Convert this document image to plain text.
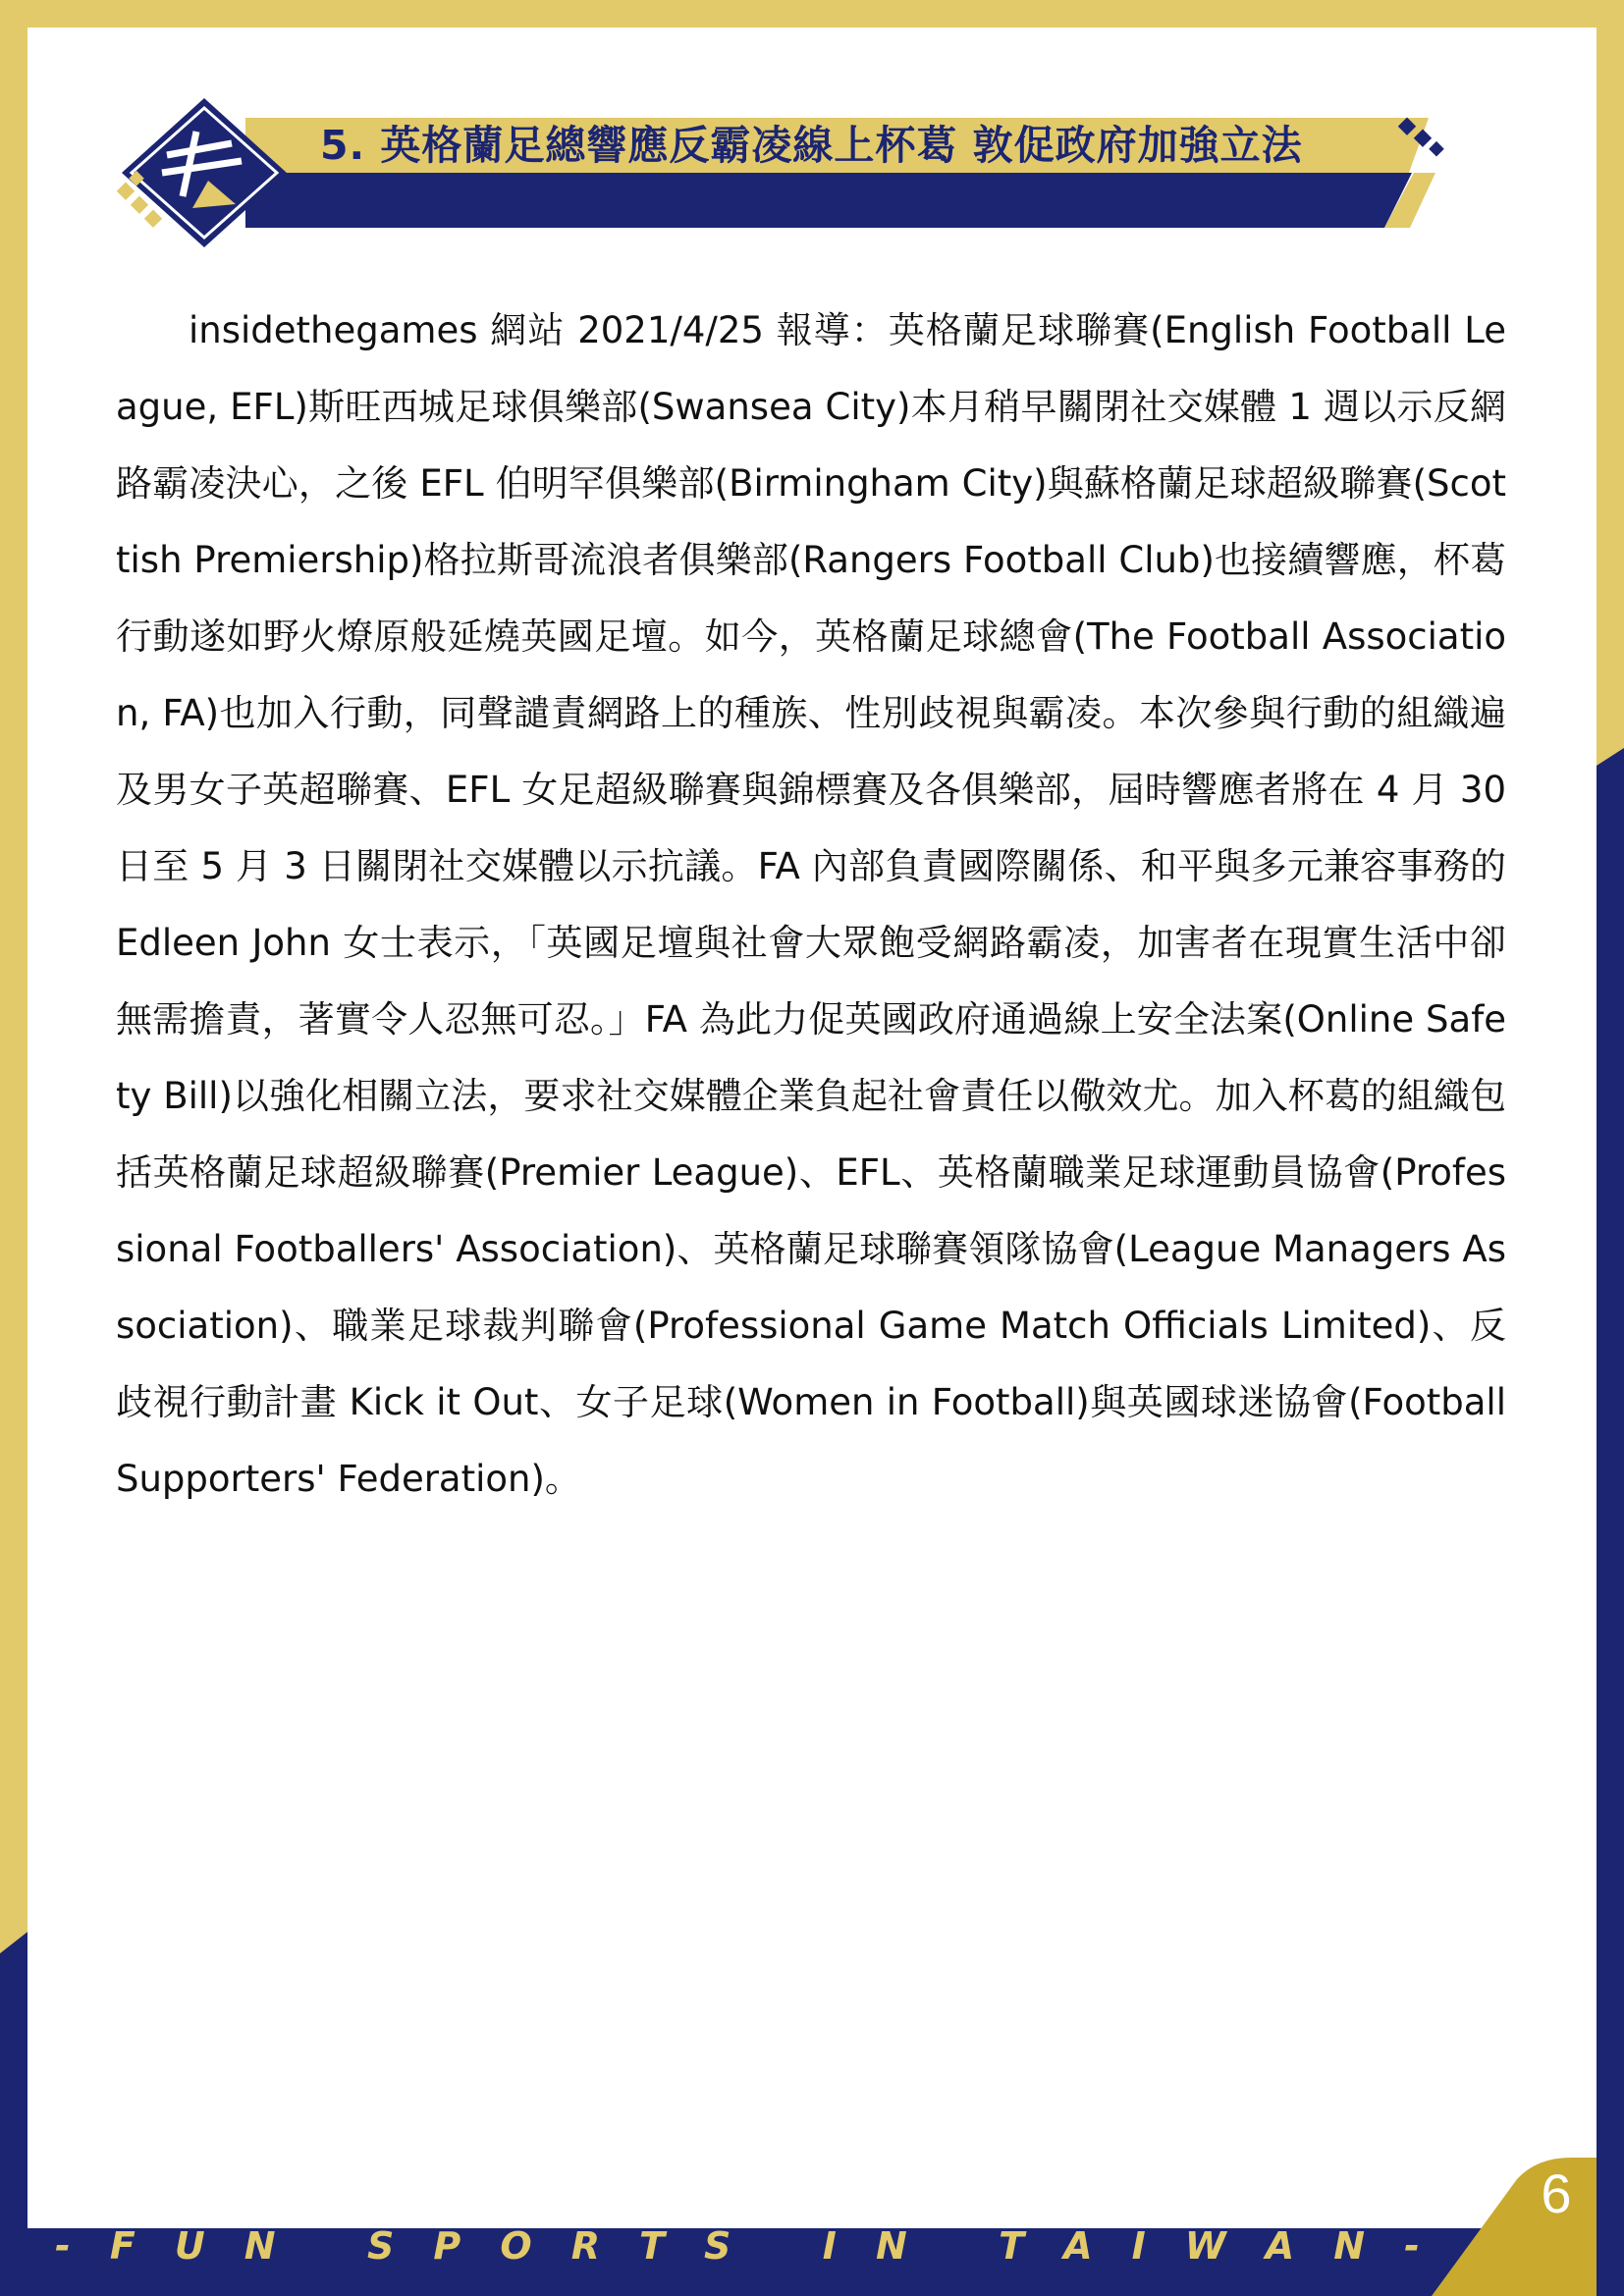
5. 英格蘭足總響應反霸凌線上杯葛 敦促政府加強立法

insidethegames 網站 2021/4/25 報導：英格蘭足球聯賽(English Football League, EFL)斯旺西城足球俱樂部(Swansea City)本月稍早關閉社交媒體 1 週以示反網路霸凌決心，之後 EFL 伯明罕俱樂部(Birmingham City)與蘇格蘭足球超級聯賽(Scottish Premiership)格拉斯哥流浪者俱樂部(Rangers Football Club)也接續響應，杯葛行動遂如野火燎原般延燒英國足壇。如今，英格蘭足球總會(The Football Association, FA)也加入行動，同聲譴責網路上的種族、性別歧視與霸凌。本次參與行動的組織遍及男女子英超聯賽、EFL 女足超級聯賽與錦標賽及各俱樂部，屆時響應者將在 4 月 30 日至 5 月 3 日關閉社交媒體以示抗議。FA 內部負責國際關係、和平與多元兼容事務的 Edleen John 女士表示，「英國足壇與社會大眾飽受網路霸凌，加害者在現實生活中卻無需擔責，著實令人忍無可忍。」FA 為此力促英國政府通過線上安全法案(Online Safety Bill)以強化相關立法，要求社交媒體企業負起社會責任以儆效尤。加入杯葛的組織包括英格蘭足球超級聯賽(Premier League)、EFL、英格蘭職業足球運動員協會(Professional Footballers' Association)、英格蘭足球聯賽領隊協會(League Managers Association)、職業足球裁判聯會(Professional Game Match Officials Limited)、反歧視行動計畫 Kick it Out、女子足球(Women in Football)與英國球迷協會(Football Supporters' Federation)。

- F U N
S P O R T S
I N
T A I W A N -
6
